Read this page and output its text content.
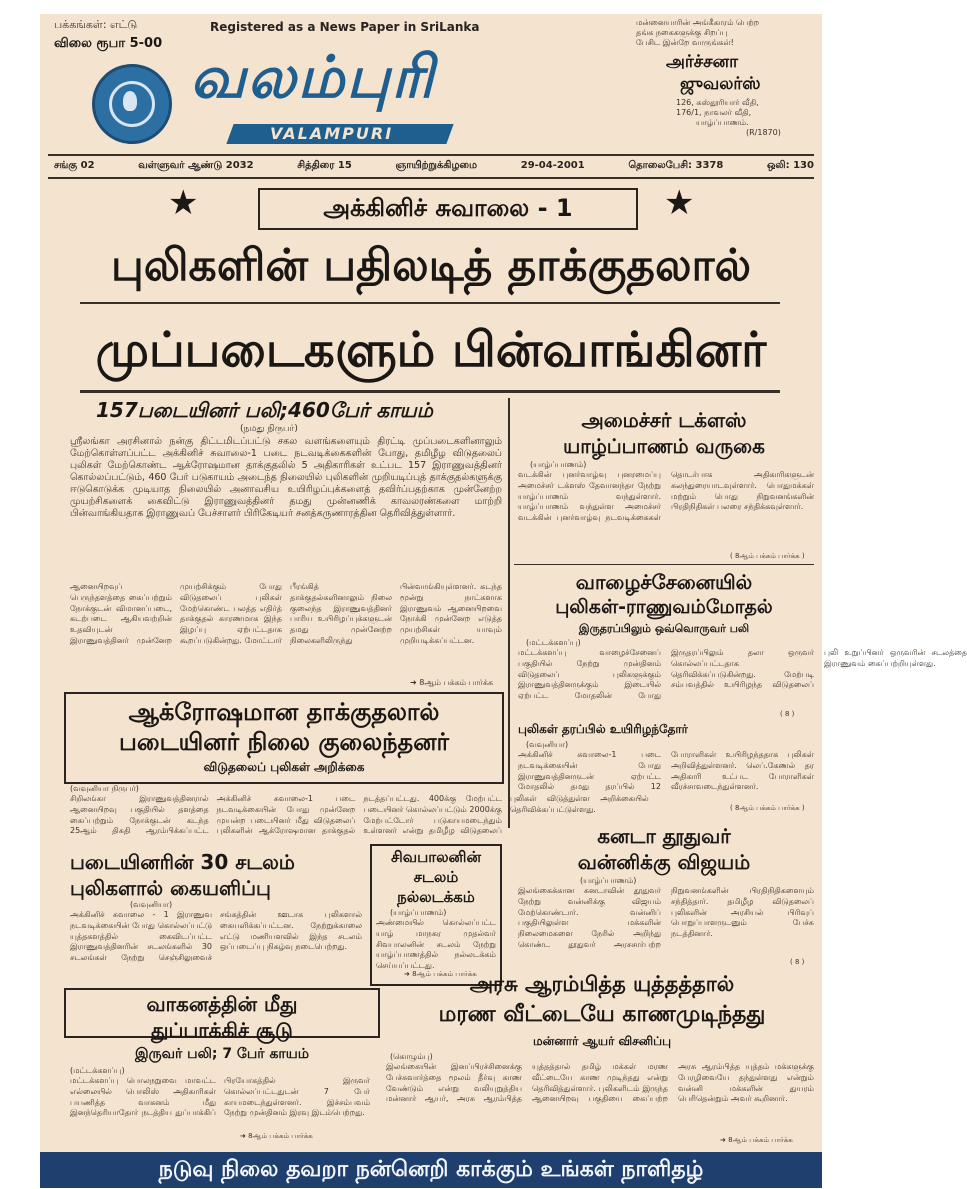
பக்கங்கள்: எட்டு
விலை ரூபா 5-00
Registered as a News Paper in SriLanka
வலம்புரி
VALAMPURI
மன்னையாரின் அங்கீகாரம் பெற்ற
தங்க நகைகளுக்கு சிறப்பு
பேசிட இன்றே வாருங்கள்!
அர்ச்சனா
ஜுவலர்ஸ்
126, கஸ்தூரியார் வீதி,
176/1, நாவலர் வீதி,
யாழ்ப்பாணம்.
(R/1870)
சங்கு 02	வள்ளுவர் ஆண்டு 2032	சித்திரை 15	ஞாயிற்றுக்கிழமை	29-04-2001	தொலைபேசி: 3378	ஒலி: 130
★	★
அக்கினிச் சுவாலை - 1
புலிகளின் பதிலடித் தாக்குதலால்
முப்படைகளும் பின்வாங்கினர்
157படையினர் பலி;460பேர் காயம்
(நமது நிருபர்)
ஸ்ரீலங்கா அரசினால் நன்கு திட்டமிடப்பட்டு சகல வளங்களையும் திரட்டி முப்படைகளினாலும் மேற்கொள்ளப்பட்ட அக்கினிச் சுவாலை-1 படை நடவடிக்கைகளின் போது, தமிழீழ விடுதலைப் புலிகள் மேற்கொண்ட ஆக்ரோஷமான தாக்குதலில் 5 அதிகாரிகள் உட்பட 157 இராணுவத்தினர் கொல்லப்பட்டும், 460 பேர் படுகாயம் அடைந்த நிலையில் புலிகளின் முறியடிப்புத் தாக்குதல்களுக்கு ஈடுகொடுக்க முடியாத நிலையில் அனாவசிய உயிரிழப்புக்களைத் தவிர்ப்பதற்காக முன்னேற்ற முயற்சிகளைக் கைவிட்டு இராணுவத்தினர் தமது முன்னணிக் காவலரண்களை மாற்றி பின்வாங்கியதாக இராணுவப் பேச்சாளர் பிரிகேடியர் சனத்கருணாரத்தின தெரிவித்துள்ளார்.
ஆனையிறவுப் பெருந்தளத்தை கைப்பற்றும் நோக்குடன் விமானப்படை, கடற்படை ஆகியவற்றின் உதவியுடன் இராணுவத்தினர் முன்னேற முயற்சிக்கும் போது விடுதலைப் புலிகள் மேற்கொண்ட பலத்த எதிர்த் தாக்குதல் காரணமாக இந்த இழப்பு ஏற்பட்டதாக கூறப்படுகின்றது. மோட்டார் பீரங்கித் தாக்குதல்களினாலும் நிலை குலைந்த இராணுவத்தினர் பாரிய உயிரிழப்புக்களுடன் தமது முன்னேற்ற நிலைகளிலிருந்து பின்வாங்கியுள்ளனர். கடந்த மூன்று நாட்களாக இராணுவம் ஆனையிறவை நோக்கி முன்னேற எடுத்த முயற்சிகள் யாவும் முறியடிக்கப்பட்டன.
➜ 8ஆம் பக்கம் பார்க்க
ஆக்ரோஷமான தாக்குதலால்
படையினர் நிலை குலைந்தனர்
விடுதலைப் புலிகள் அறிக்கை
(வவுனியா நிருபர்)
சிறிலங்கா இராணுவத்தினரால் ஆனையிறவு பகுதியில் தளத்தை கைப்பற்றும் நோக்குடன் கடந்த 25ஆம் திகதி ஆரம்பிக்கப்பட்ட அக்கினிச் சுவாலை-1 படை நடவடிக்கையின் போது முன்னேற முயன்ற படையினர் மீது விடுதலைப் புலிகளின் ஆக்ரோஷமான தாக்குதல் நடத்தப்பட்டது. 400க்கு மேற்பட்ட படையினர் கொல்லப்பட்டும் 2000க்கு மேற்பட்டோர் படுகாயமடைந்தும் உள்ளனர் என்று தமிழீழ விடுதலைப் புலிகள் விடுத்துள்ள அறிக்கையில் தெரிவிக்கப்பட்டுள்ளது.
படையினரின் 30 சடலம்
புலிகளால் கையளிப்பு
(வவுனியா)
அக்கினிச் சுவாலை - 1 இராணுவ நடவடிக்கையின் போது கொல்லப்பட்டு யுத்தகளத்தில் கைவிடப்பட்ட இராணுவத்தினரின் சடலங்களில் 30 சடலங்கள் நேற்று செஞ்சிலுவைச் சங்கத்தின் ஊடாக புலிகளால் கையளிக்கப்பட்டன. நேற்றுக்காலை எட்டு மணியளவில் இந்த சடலம் ஒப்படைப்பு நிகழ்வு நடைபெற்றது.
சிவபாலனின்
சடலம்
நல்லடக்கம்
(யாழ்ப்பாணம்)
அண்மையில் கொல்லப்பட்ட யாழ் மாநகர முதல்வர் சிவபாலனின் சடலம் நேற்று யாழ்ப்பாணத்தில் நல்லடக்கம் செய்யப்பட்டது.
➜ 8ஆம் பக்கம் பார்க்க
வாகனத்தின் மீது
துப்பாக்கிச் சூடு
இருவர் பலி; 7 பேர் காயம்
(மட்டக்களப்பு)
மட்டக்களப்பு பொலநறுவை மாவட்ட எல்லையில் பொலிஸ் அதிகாரிகள் பயணித்த வாகனம் மீது இனந்தெரியாதோர் நடத்திய துப்பாக்கிப் பிரயோகத்தில் இருவர் கொல்லப்பட்டதுடன் 7 பேர் காயமடைந்துள்ளனர். இச்சம்பவம் நேற்று முன்தினம் இரவு இடம்பெற்றது.
➜ 8ஆம் பக்கம் பார்க்க
அமைச்சர் டக்ளஸ்
யாழ்ப்பாணம் வருகை
(யாழ்ப்பாணம்)
வடக்கின் புனர்வாழ்வு புனரமைப்பு அமைச்சர் டக்ளஸ் தேவானந்தா நேற்று யாழ்ப்பாணம் வந்துள்ளார். யாழ்ப்பாணம் வந்துள்ள அமைச்சர் வடக்கின் புனர்வாழ்வு நடவடிக்கைகள் தொடர்பாக அதிகாரிகளுடன் கலந்துரையாடவுள்ளார். பொதுமக்கள் மற்றும் பொது நிறுவனங்களின் பிரதிநிதிகள் பலரை சந்திக்கவுள்ளார்.
( 8ஆம் பக்கம் பார்க்க )
வாழைச்சேனையில்
புலிகள்-ராணுவம்மோதல்
இருதரப்பிலும் ஒவ்வொருவர் பலி
(மட்டக்களப்பு)
மட்டக்களப்பு வாழைச்சேனைப் பகுதியில் நேற்று முன்தினம் விடுதலைப் புலிகளுக்கும் இராணுவத்தினருக்கும் இடையில் ஏற்பட்ட மோதலின் போது இருதரப்பிலும் தலா ஒருவர் கொல்லப்பட்டதாக தெரிவிக்கப்படுகின்றது. மேற்படி சம்பவத்தில் உயிரிழந்த விடுதலைப் புலி உறுப்பினர் ஒருவரின் சடலத்தை இராணுவம் கைப்பற்றியுள்ளது.
( 8 )
புலிகள் தரப்பில் உயிரிழந்தோர்
(வவுனியா)
அக்கினிச் சுவாலை-1 படை நடவடிக்கையின் போது இராணுவத்தினருடன் ஏற்பட்ட மோதலில் தமது தரப்பில் 12 போராளிகள் உயிரிழந்ததாக புலிகள் அறிவித்துள்ளனர். லெப்.கேணல் தர அதிகாரி உட்பட போராளிகள் வீரச்சாவடைந்துள்ளனர்.
( 8ஆம் பக்கம் பார்க்க )
கனடா தூதுவர்
வன்னிக்கு விஜயம்
(யாழ்ப்பாணம்)
இலங்கைக்கான கனடாவின் தூதுவர் நேற்று வன்னிக்கு விஜயம் மேற்கொண்டார். வன்னிப் பகுதியிலுள்ள மக்களின் நிலைமைகளை நேரில் அறிந்து கொண்ட தூதுவர் அரசசார்பற்ற நிறுவனங்களின் பிரதிநிதிகளையும் சந்தித்தார். தமிழீழ விடுதலைப் புலிகளின் அரசியல் பிரிவுப் பொறுப்பாளருடனும் பேச்சு நடத்தினார்.
( 8 )
அரசு ஆரம்பித்த யுத்தத்தால்
மரண வீட்டையே காணமுடிந்தது
மன்னார் ஆயர் விசனிப்பு
(கொழும்பு)
இலங்கையின் இனப்பிரச்சினைக்கு பேச்சுவார்த்தை மூலம் தீர்வு காண வேண்டும் என்று வலியுறுத்திய மன்னார் ஆயர், அரசு ஆரம்பித்த யுத்தத்தால் தமிழ் மக்கள் மரண வீட்டையே காண முடிந்தது என்று தெரிவித்துள்ளார். புலிகளிடம் இருந்த ஆனையிறவு பகுதியை கைப்பற்ற அரசு ஆரம்பித்த யுத்தம் மக்களுக்கு பேரழிவையே தந்துள்ளது என்றும் வன்னி மக்களின் துயரம் பெரிதென்றும் அவர் கூறினார்.
➜ 8ஆம் பக்கம் பார்க்க
நடுவு நிலை தவறா நன்னெறி காக்கும் உங்கள் நாளிதழ்
